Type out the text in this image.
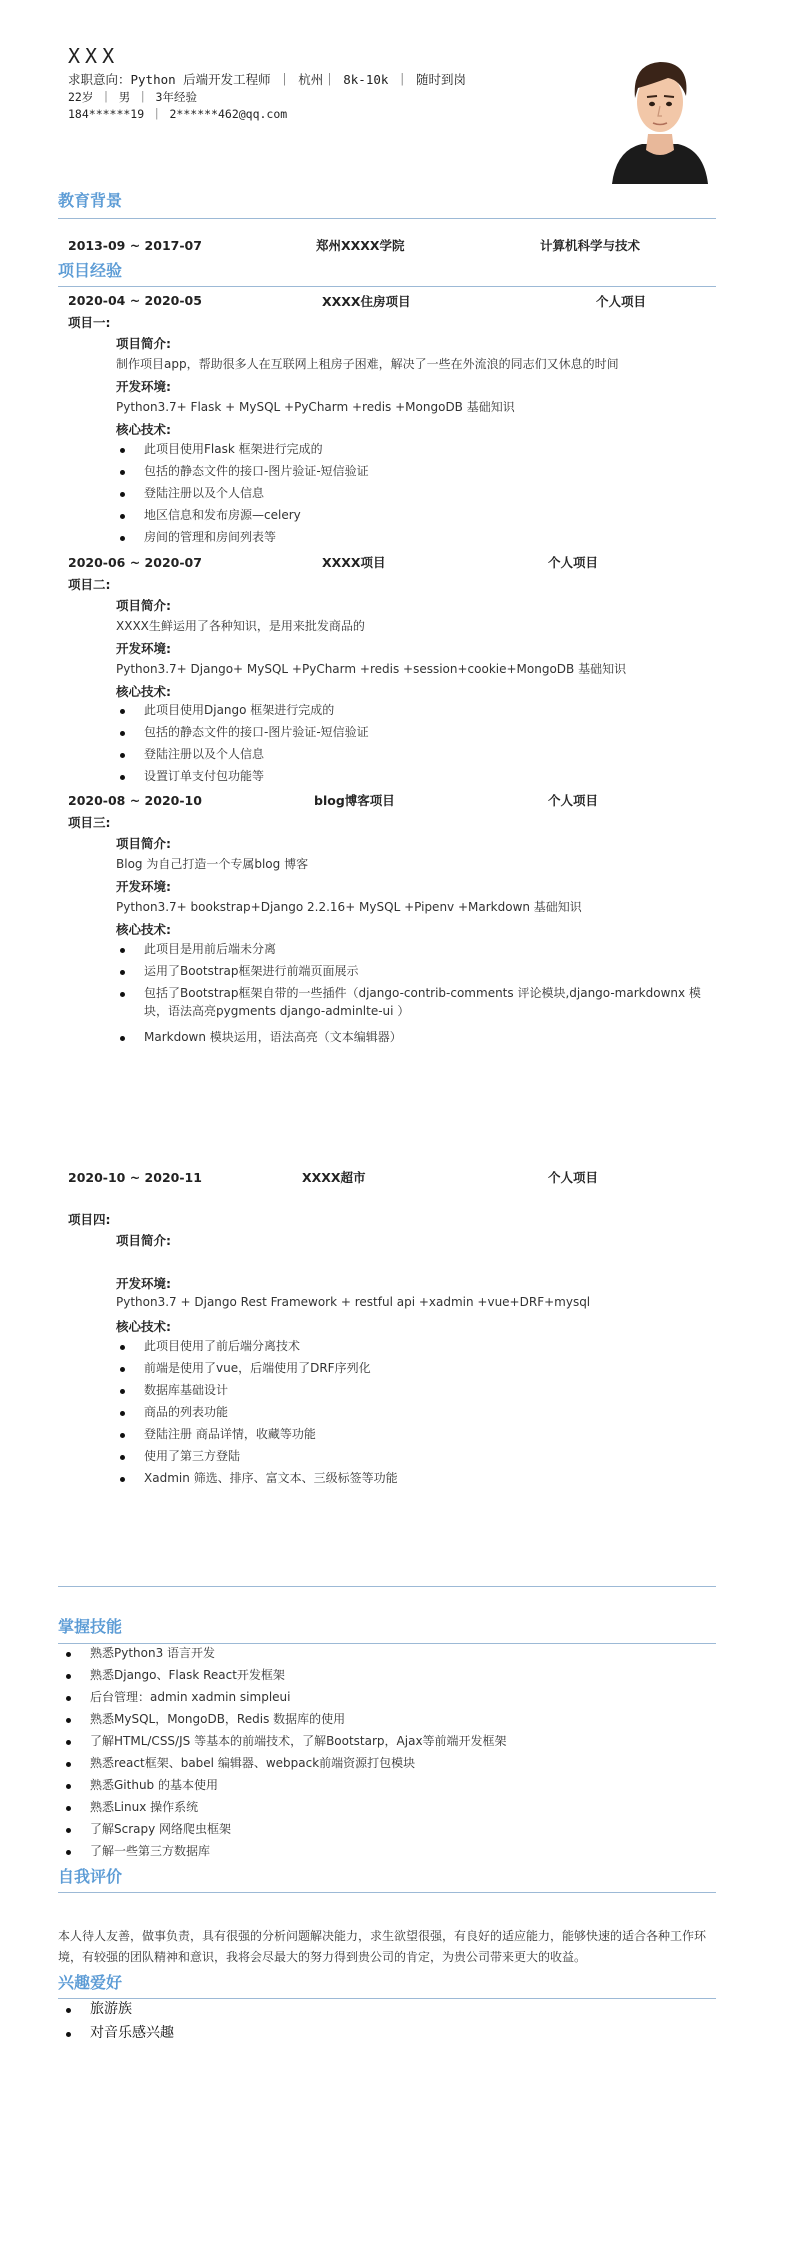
XXX
求职意向：Python 后端开发工程师 ｜ 杭州｜ 8k-10k ｜ 随时到岗
22岁 ｜ 男 ｜ 3年经验
184******19 ｜ 2******462@qq.com
教育背景
2013-09 ~ 2017-07	郑州XXXX学院	计算机科学与技术
项目经验
2020-04 ~ 2020-05	XXXX住房项目	个人项目
项目一:
项目简介:
制作项目app，帮助很多人在互联网上租房子困难，解决了一些在外流浪的同志们又休息的时间
开发环境:
Python3.7+ Flask + MySQL +PyCharm +redis +MongoDB 基础知识
核心技术:
此项目使用Flask 框架进行完成的
包括的静态文件的接口-图片验证-短信验证
登陆注册以及个人信息
地区信息和发布房源—celery
房间的管理和房间列表等
2020-06 ~ 2020-07	XXXX项目	个人项目
项目二:
项目简介:
XXXX生鲜运用了各种知识，是用来批发商品的
开发环境:
Python3.7+ Django+ MySQL +PyCharm +redis +session+cookie+MongoDB 基础知识
核心技术:
此项目使用Django 框架进行完成的
包括的静态文件的接口-图片验证-短信验证
登陆注册以及个人信息
设置订单支付包功能等
2020-08 ~ 2020-10	blog博客项目	个人项目
项目三:
项目简介:
Blog 为自己打造一个专属blog 博客
开发环境:
Python3.7+ bookstrap+Django 2.2.16+ MySQL +Pipenv +Markdown 基础知识
核心技术:
此项目是用前后端未分离
运用了Bootstrap框架进行前端页面展示
包括了Bootstrap框架自带的一些插件（django-contrib-comments 评论模块,django-markdownx 模块，语法高亮pygments django-adminlte-ui ）
Markdown 模块运用，语法高亮（文本编辑器）
2020-10 ~ 2020-11	XXXX超市	个人项目
项目四:
项目简介:
开发环境:
Python3.7 + Django Rest Framework + restful api +xadmin +vue+DRF+mysql
核心技术:
此项目使用了前后端分离技术
前端是使用了vue，后端使用了DRF序列化
数据库基础设计
商品的列表功能
登陆注册 商品详情，收藏等功能
使用了第三方登陆
Xadmin 筛选、排序、富文本、三级标签等功能
掌握技能
熟悉Python3 语言开发
熟悉Django、Flask React开发框架
后台管理：admin xadmin simpleui
熟悉MySQL，MongoDB，Redis 数据库的使用
了解HTML/CSS/JS 等基本的前端技术，了解Bootstarp，Ajax等前端开发框架
熟悉react框架、babel 编辑器、webpack前端资源打包模块
熟悉Github 的基本使用
熟悉Linux 操作系统
了解Scrapy 网络爬虫框架
了解一些第三方数据库
自我评价
本人待人友善，做事负责，具有很强的分析问题解决能力，求生欲望很强，有良好的适应能力，能够快速的适合各种工作环境，有较强的团队精神和意识，我将会尽最大的努力得到贵公司的肯定，为贵公司带来更大的收益。
兴趣爱好
旅游族
对音乐感兴趣
